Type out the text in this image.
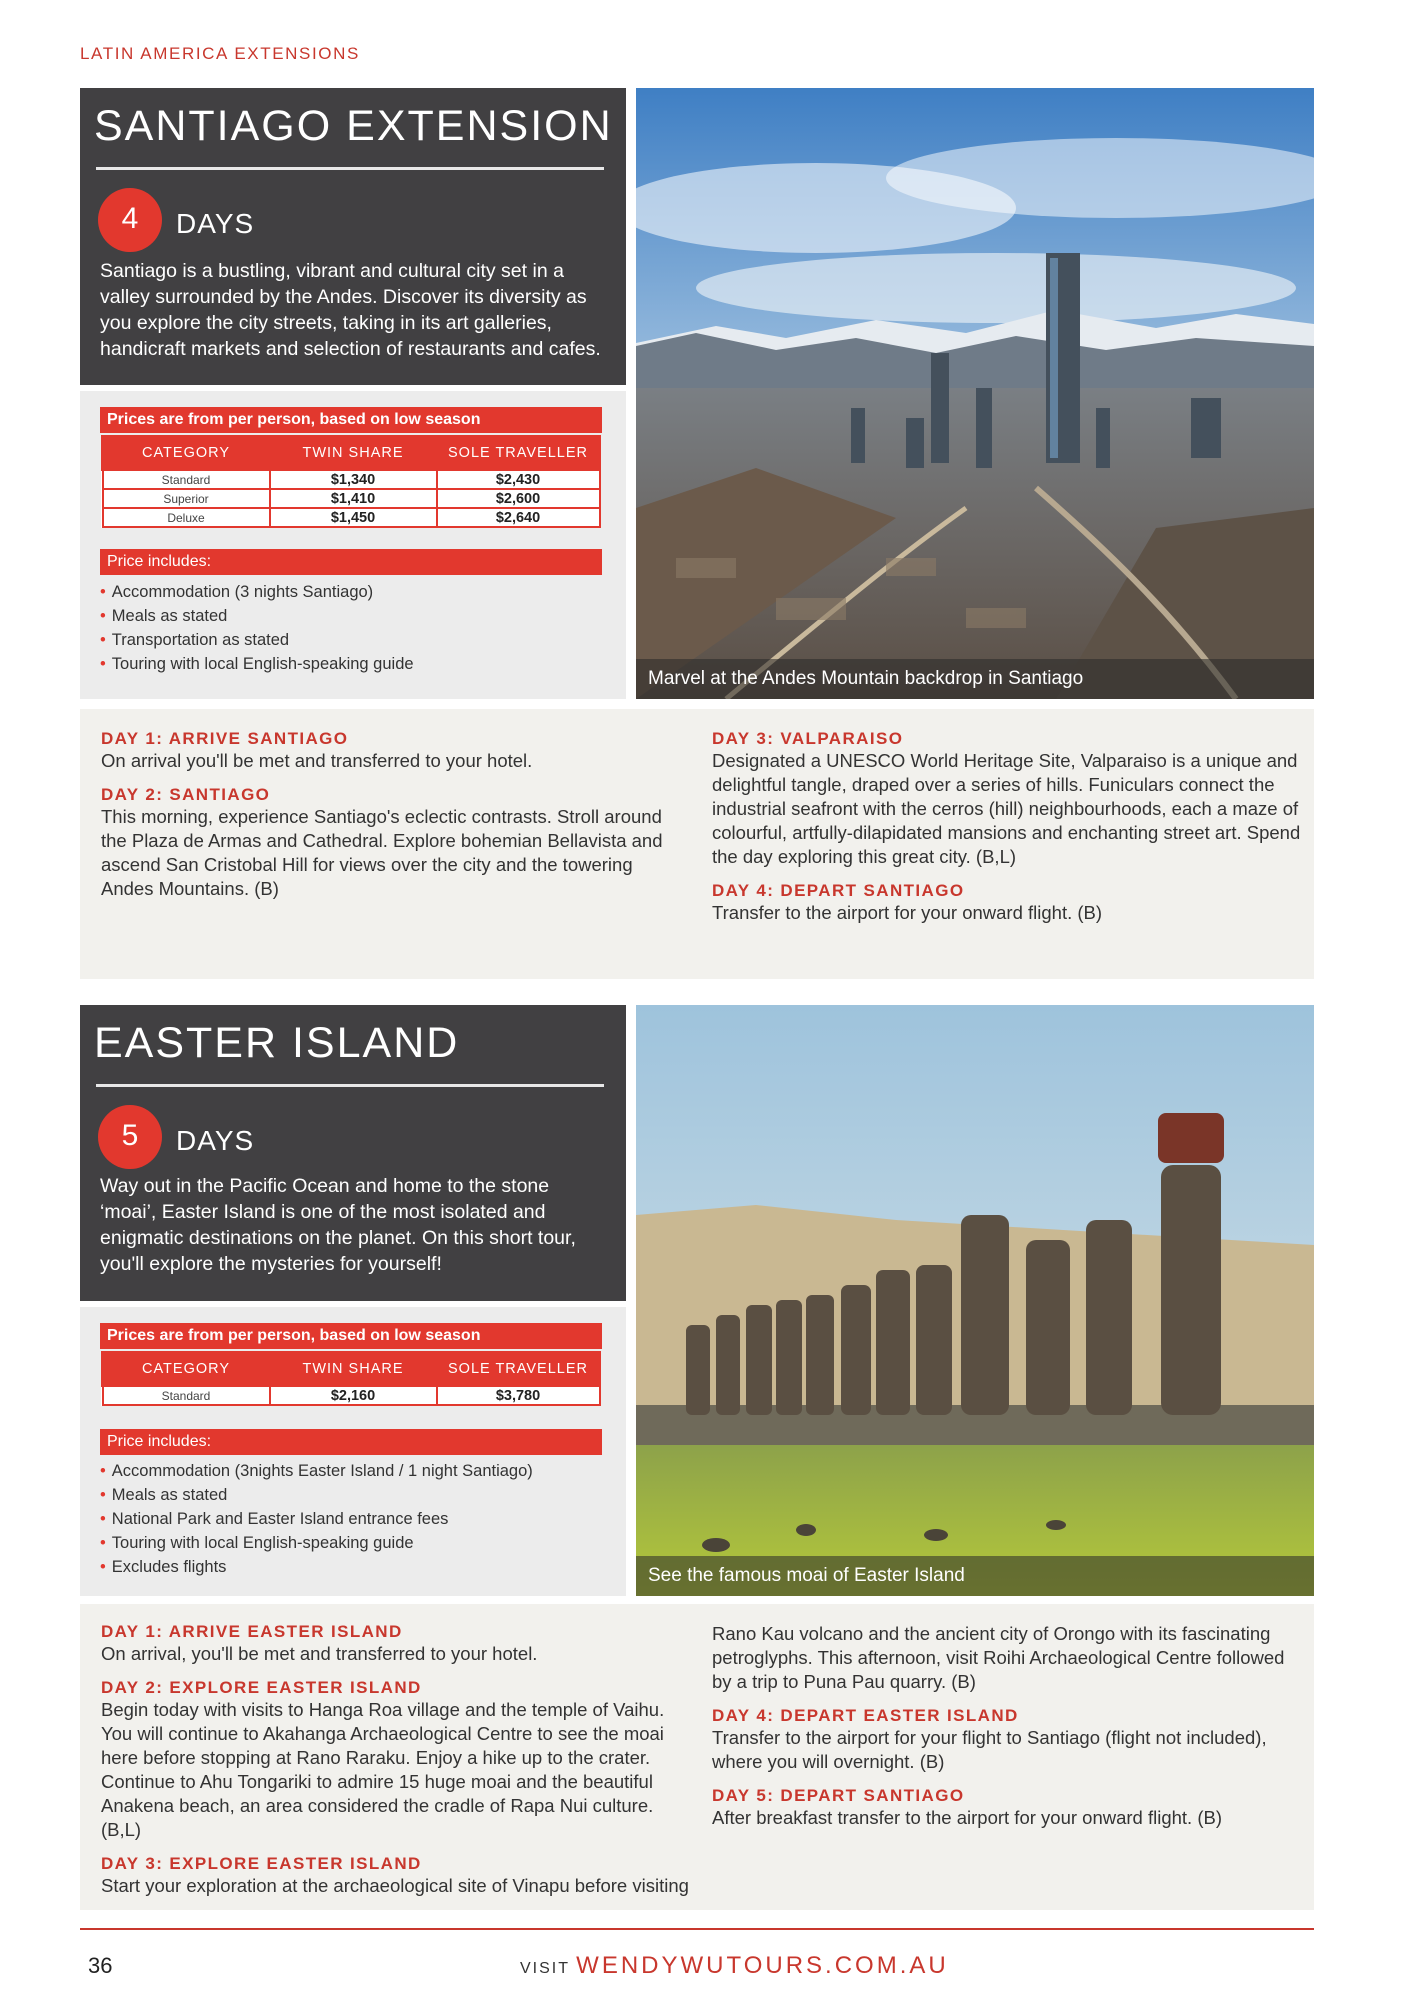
LATIN AMERICA EXTENSIONS
SANTIAGO EXTENSION
4	DAYS
Santiago is a bustling, vibrant and cultural city set in a valley surrounded by the Andes. Discover its diversity as you explore the city streets, taking in its art galleries, handicraft markets and selection of restaurants and cafes.
Prices are from per person, based on low season
CATEGORY	TWIN SHARE	SOLE TRAVELLER
Standard	$1,340	$2,430
Superior	$1,410	$2,600
Deluxe	$1,450	$2,640
Price includes:
• Accommodation (3 nights Santiago)
• Meals as stated
• Transportation as stated
• Touring with local English-speaking guide
Marvel at the Andes Mountain backdrop in Santiago
DAY 1: ARRIVE SANTIAGO
On arrival you'll be met and transferred to your hotel.
DAY 2: SANTIAGO
This morning, experience Santiago's eclectic contrasts. Stroll around the Plaza de Armas and Cathedral. Explore bohemian Bellavista and ascend San Cristobal Hill for views over the city and the towering Andes Mountains. (B)
DAY 3: VALPARAISO
Designated a UNESCO World Heritage Site, Valparaiso is a unique and delightful tangle, draped over a series of hills. Funiculars connect the industrial seafront with the cerros (hill) neighbourhoods, each a maze of colourful, artfully-dilapidated mansions and enchanting street art. Spend the day exploring this great city. (B,L)
DAY 4: DEPART SANTIAGO
Transfer to the airport for your onward flight. (B)
EASTER ISLAND
5	DAYS
Way out in the Pacific Ocean and home to the stone ‘moai’, Easter Island is one of the most isolated and enigmatic destinations on the planet. On this short tour, you'll explore the mysteries for yourself!
Prices are from per person, based on low season
CATEGORY	TWIN SHARE	SOLE TRAVELLER
Standard	$2,160	$3,780
Price includes:
• Accommodation (3nights Easter Island / 1 night Santiago)
• Meals as stated
• National Park and Easter Island entrance fees
• Touring with local English-speaking guide
• Excludes flights	See the famous moai of Easter Island
DAY 1: ARRIVE EASTER ISLAND
On arrival, you'll be met and transferred to your hotel.
DAY 2: EXPLORE EASTER ISLAND
Begin today with visits to Hanga Roa village and the temple of Vaihu. You will continue to Akahanga Archaeological Centre to see the moai here before stopping at Rano Raraku. Enjoy a hike up to the crater. Continue to Ahu Tongariki to admire 15 huge moai and the beautiful Anakena beach, an area considered the cradle of Rapa Nui culture. (B,L)
DAY 3: EXPLORE EASTER ISLAND
Start your exploration at the archaeological site of Vinapu before visiting
Rano Kau volcano and the ancient city of Orongo with its fascinating petroglyphs. This afternoon, visit Roihi Archaeological Centre followed by a trip to Puna Pau quarry. (B)
DAY 4: DEPART EASTER ISLAND
Transfer to the airport for your flight to Santiago (flight not included), where you will overnight. (B)
DAY 5: DEPART SANTIAGO
After breakfast transfer to the airport for your onward flight. (B)
36	VISIT WENDYWUTOURS.COM.AU
